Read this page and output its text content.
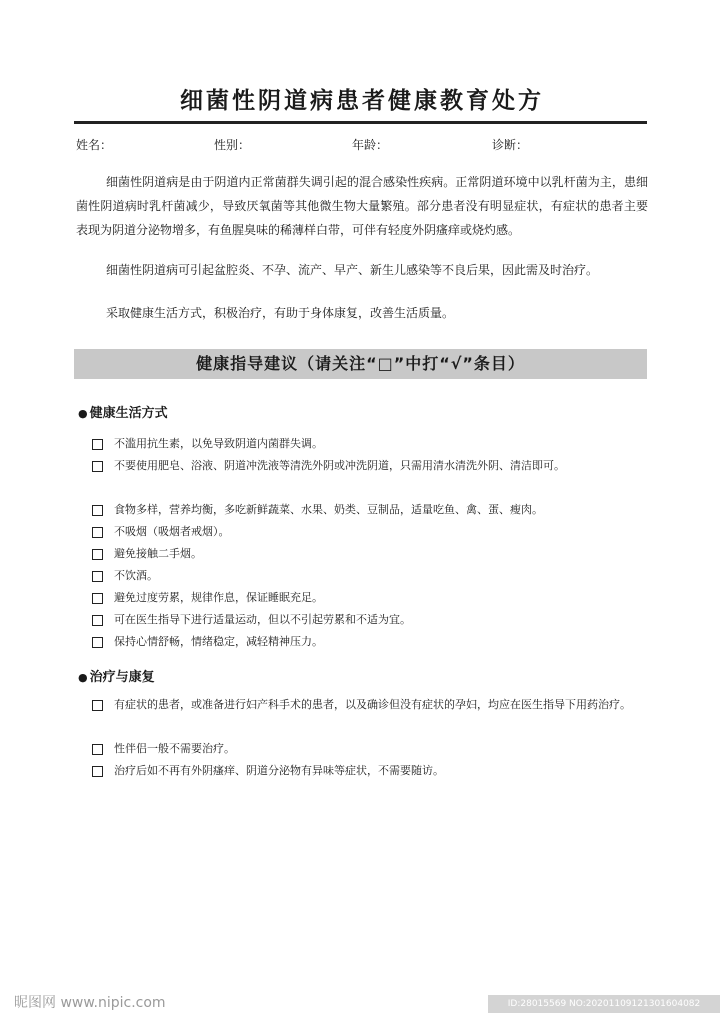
细菌性阴道病患者健康教育处方
姓名：	性别：	年龄：	诊断：

细菌性阴道病是由于阴道内正常菌群失调引起的混合感染性疾病。正常阴道环境中以乳杆菌为主，患细菌性阴道病时乳杆菌减少，导致厌氧菌等其他微生物大量繁殖。部分患者没有明显症状，有症状的患者主要表现为阴道分泌物增多，有鱼腥臭味的稀薄样白带，可伴有轻度外阴瘙痒或烧灼感。

细菌性阴道病可引起盆腔炎、不孕、流产、早产、新生儿感染等不良后果，因此需及时治疗。

采取健康生活方式，积极治疗，有助于身体康复，改善生活质量。

健康指导建议（请关注“□”中打“√”条目）
● 健康生活方式
不滥用抗生素，以免导致阴道内菌群失调。
不要使用肥皂、浴液、阴道冲洗液等清洗外阴或冲洗阴道，只需用清水清洗外阴、清洁即可。
食物多样，营养均衡，多吃新鲜蔬菜、水果、奶类、豆制品，适量吃鱼、禽、蛋、瘦肉。
不吸烟（吸烟者戒烟）。
避免接触二手烟。
不饮酒。
避免过度劳累，规律作息，保证睡眠充足。
可在医生指导下进行适量运动，但以不引起劳累和不适为宜。
保持心情舒畅，情绪稳定，减轻精神压力。
● 治疗与康复
有症状的患者，或准备进行妇产科手术的患者，以及确诊但没有症状的孕妇，均应在医生指导下用药治疗。
性伴侣一般不需要治疗。
治疗后如不再有外阴瘙痒、阴道分泌物有异味等症状，不需要随访。
昵图网 www.nipic.com	ID:28015569 NO:20201109121301604082
